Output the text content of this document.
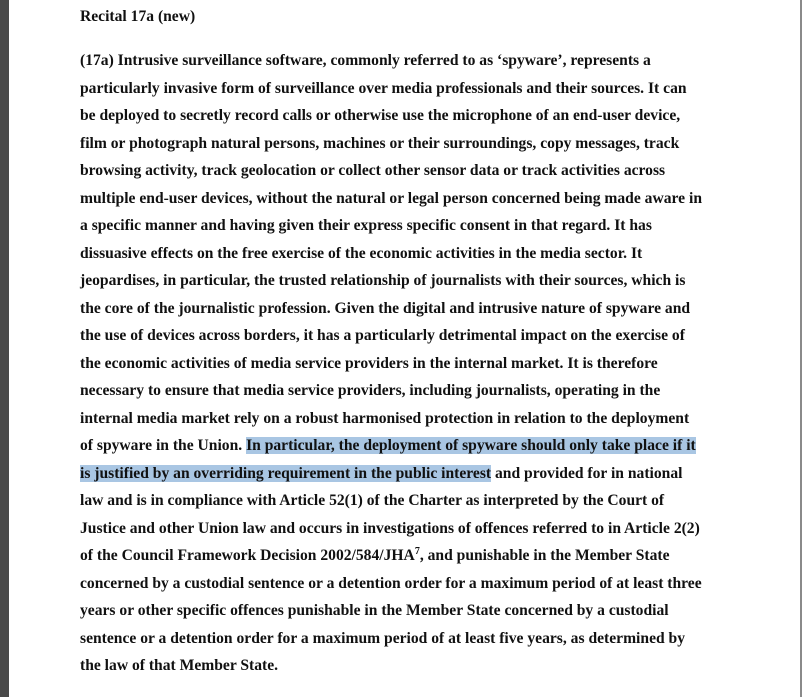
Recital 17a (new)
(17a) Intrusive surveillance software, commonly referred to as ‘spyware’, represents a
particularly invasive form of surveillance over media professionals and their sources. It can
be deployed to secretly record calls or otherwise use the microphone of an end-user device,
film or photograph natural persons, machines or their surroundings, copy messages, track
browsing activity, track geolocation or collect other sensor data or track activities across
multiple end-user devices, without the natural or legal person concerned being made aware in
a specific manner and having given their express specific consent in that regard. It has
dissuasive effects on the free exercise of the economic activities in the media sector. It
jeopardises, in particular, the trusted relationship of journalists with their sources, which is
the core of the journalistic profession. Given the digital and intrusive nature of spyware and
the use of devices across borders, it has a particularly detrimental impact on the exercise of
the economic activities of media service providers in the internal market. It is therefore
necessary to ensure that media service providers, including journalists, operating in the
internal media market rely on a robust harmonised protection in relation to the deployment
of spyware in the Union. In particular, the deployment of spyware should only take place if it
is justified by an overriding requirement in the public interest and provided for in national
law and is in compliance with Article 52(1) of the Charter as interpreted by the Court of
Justice and other Union law and occurs in investigations of offences referred to in Article 2(2)
of the Council Framework Decision 2002/584/JHA$^7$, and punishable in the Member State
concerned by a custodial sentence or a detention order for a maximum period of at least three
years or other specific offences punishable in the Member State concerned by a custodial
sentence or a detention order for a maximum period of at least five years, as determined by
the law of that Member State.
